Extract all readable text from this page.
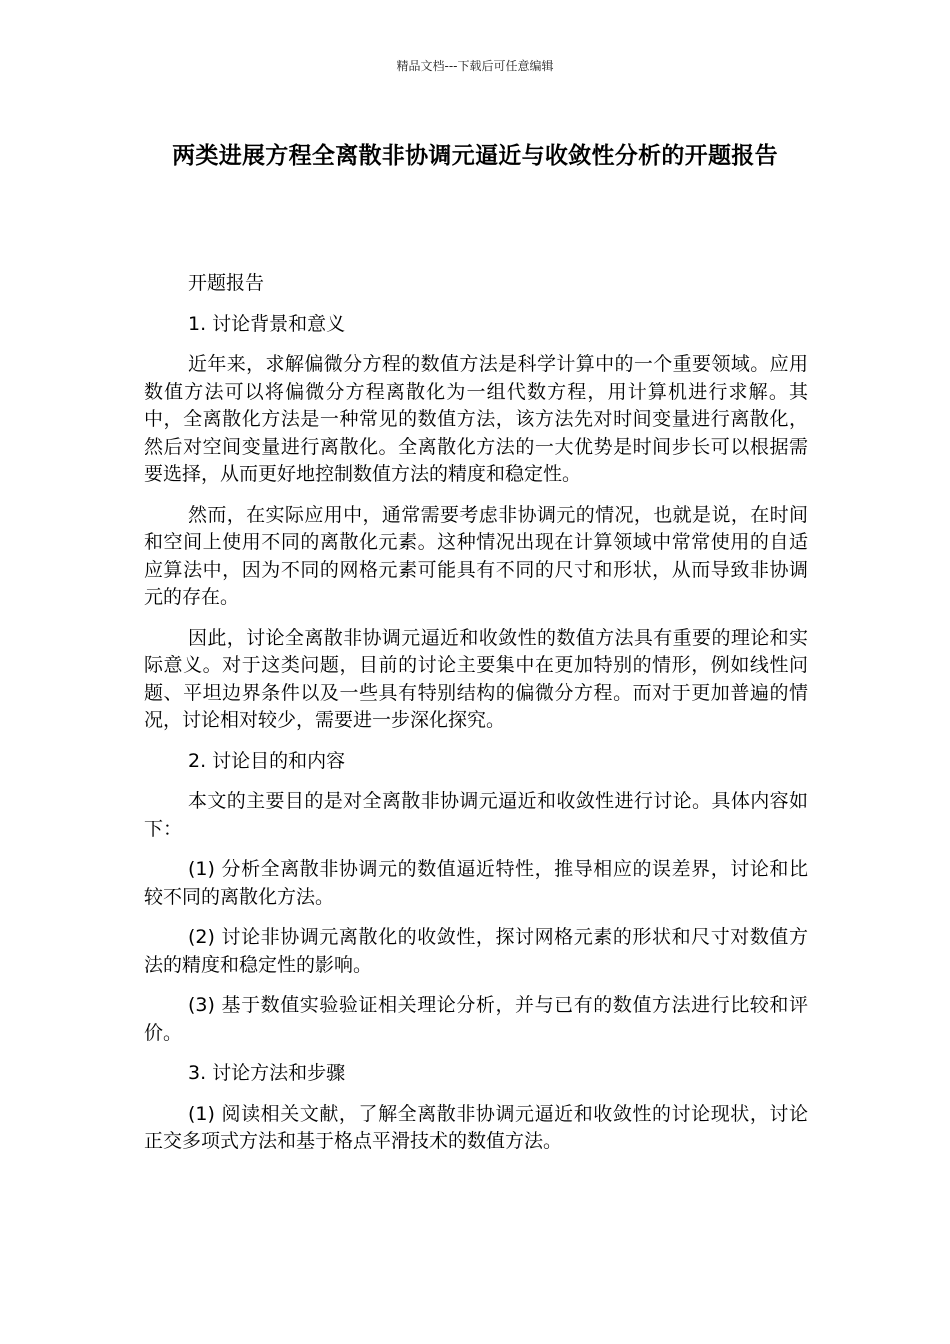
精品文档---下载后可任意编辑
两类进展方程全离散非协调元逼近与收敛性分析的开题报告

开题报告

1. 讨论背景和意义

近年来，求解偏微分方程的数值方法是科学计算中的一个重要领域。应用数值方法可以将偏微分方程离散化为一组代数方程，用计算机进行求解。其中，全离散化方法是一种常见的数值方法，该方法先对时间变量进行离散化，然后对空间变量进行离散化。全离散化方法的一大优势是时间步长可以根据需要选择，从而更好地控制数值方法的精度和稳定性。

然而，在实际应用中，通常需要考虑非协调元的情况，也就是说，在时间和空间上使用不同的离散化元素。这种情况出现在计算领域中常常使用的自适应算法中，因为不同的网格元素可能具有不同的尺寸和形状，从而导致非协调元的存在。

因此，讨论全离散非协调元逼近和收敛性的数值方法具有重要的理论和实际意义。对于这类问题，目前的讨论主要集中在更加特别的情形，例如线性问题、平坦边界条件以及一些具有特别结构的偏微分方程。而对于更加普遍的情况，讨论相对较少，需要进一步深化探究。

2. 讨论目的和内容

本文的主要目的是对全离散非协调元逼近和收敛性进行讨论。具体内容如下：

(1) 分析全离散非协调元的数值逼近特性，推导相应的误差界，讨论和比较不同的离散化方法。

(2) 讨论非协调元离散化的收敛性，探讨网格元素的形状和尺寸对数值方法的精度和稳定性的影响。

(3) 基于数值实验验证相关理论分析，并与已有的数值方法进行比较和评价。

3. 讨论方法和步骤

(1) 阅读相关文献，了解全离散非协调元逼近和收敛性的讨论现状，讨论正交多项式方法和基于格点平滑技术的数值方法。
